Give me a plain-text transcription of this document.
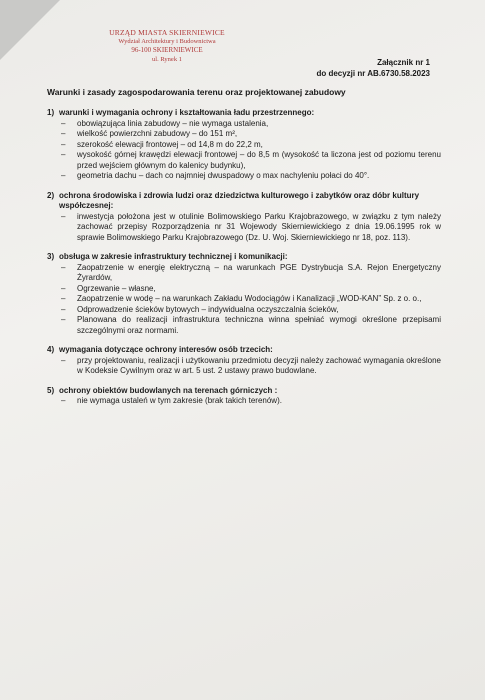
URZĄD MIASTA SKIERNIEWICE
Wydział Architektury i Budownictwa
96-100 SKIERNIEWICE
ul. Rynek 1	Załącznik nr 1
do decyzji nr AB.6730.58.2023
Warunki i zasady zagospodarowania terenu oraz projektowanej zabudowy
1) warunki i wymagania ochrony i kształtowania ładu przestrzennego:
–	obowiązująca linia zabudowy – nie wymaga ustalenia,
–	wielkość powierzchni zabudowy – do 151 m²,
–	szerokość elewacji frontowej – od 14,8 m do 22,2 m,
–	wysokość górnej krawędzi elewacji frontowej – do 8,5 m (wysokość ta liczona jest od poziomu terenu przed wejściem głównym do kalenicy budynku),
–	geometria dachu – dach co najmniej dwuspadowy o max nachyleniu połaci do 40°.
2) ochrona środowiska i zdrowia ludzi oraz dziedzictwa kulturowego i zabytków oraz dóbr kultury współczesnej:
–	inwestycja położona jest w otulinie Bolimowskiego Parku Krajobrazowego, w związku z tym należy zachować przepisy Rozporządzenia nr 31 Wojewody Skierniewickiego z dnia 19.06.1995 rok w sprawie Bolimowskiego Parku Krajobrazowego (Dz. U. Woj. Skierniewickiego nr 18, poz. 113).
3) obsługa w zakresie infrastruktury technicznej i komunikacji:
–	Zaopatrzenie w energię elektryczną – na warunkach PGE Dystrybucja S.A. Rejon Energetyczny Żyrardów,
–	Ogrzewanie – własne,
–	Zaopatrzenie w wodę – na warunkach Zakładu Wodociągów i Kanalizacji „WOD-KAN” Sp. z o. o.,
–	Odprowadzenie ścieków bytowych – indywidualna oczyszczalnia ścieków,
–	Planowana do realizacji infrastruktura techniczna winna spełniać wymogi określone przepisami szczególnymi oraz normami.
4) wymagania dotyczące ochrony interesów osób trzecich:
–	przy projektowaniu, realizacji i użytkowaniu przedmiotu decyzji należy zachować wymagania określone w Kodeksie Cywilnym oraz w art. 5 ust. 2 ustawy prawo budowlane.
5) ochrony obiektów budowlanych na terenach górniczych :
–	nie wymaga ustaleń w tym zakresie (brak takich terenów).
